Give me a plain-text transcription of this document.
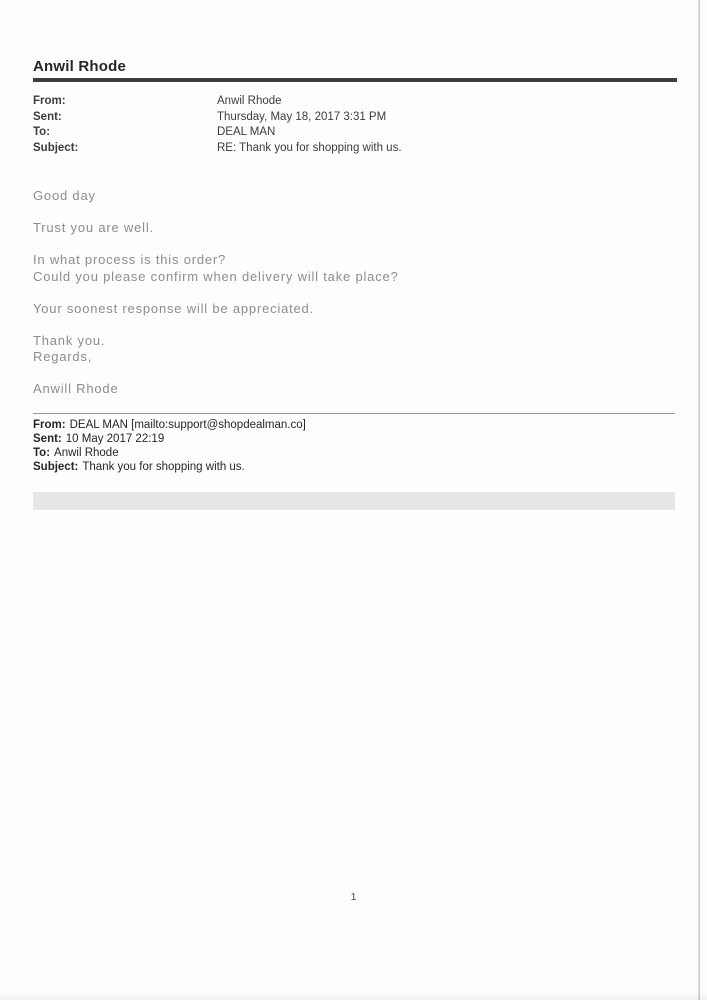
Anwil Rhode
From:	Anwil Rhode
Sent:	Thursday, May 18, 2017 3:31 PM
To:	DEAL MAN
Subject:	RE: Thank you for shopping with us.

Good day

Trust you are well.

In what process is this order?
Could you please confirm when delivery will take place?

Your soonest response will be appreciated.

Thank you.
Regards,

Anwill Rhode

From: DEAL MAN [mailto:support@shopdealman.co]
Sent: 10 May 2017 22:19
To: Anwil Rhode
Subject: Thank you for shopping with us.
1
